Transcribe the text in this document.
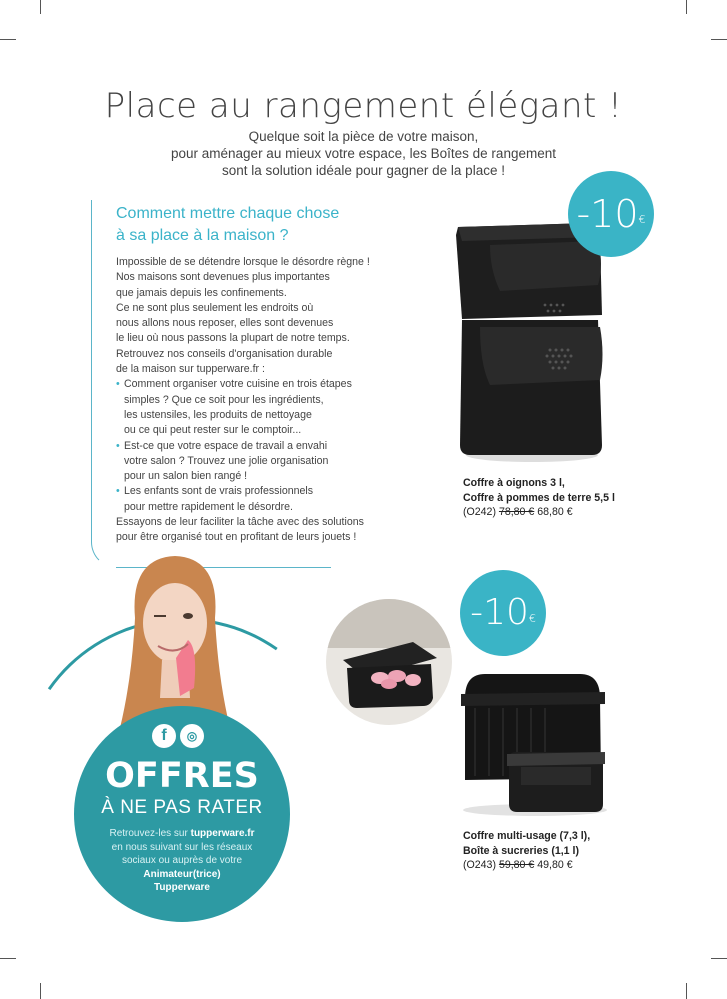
Place au rangement élégant !
Quelque soit la pièce de votre maison,
pour aménager au mieux votre espace, les Boîtes de rangement
sont la solution idéale pour gagner de la place !
Comment mettre chaque chose
à sa place à la maison ?
Impossible de se détendre lorsque le désordre règne !
Nos maisons sont devenues plus importantes
que jamais depuis les confinements.
Ce ne sont plus seulement les endroits où
nous allons nous reposer, elles sont devenues
le lieu où nous passons la plupart de notre temps.
Retrouvez nos conseils d'organisation durable
de la maison sur tupperware.fr :
• Comment organiser votre cuisine en trois étapes
simples ? Que ce soit pour les ingrédients,
les ustensiles, les produits de nettoyage
ou ce qui peut rester sur le comptoir...
• Est-ce que votre espace de travail a envahi
votre salon ? Trouvez une jolie organisation
pour un salon bien rangé !
• Les enfants sont de vrais professionnels
pour mettre rapidement le désordre.
Essayons de leur faciliter la tâche avec des solutions
pour être organisé tout en profitant de leurs jouets !
-10€
Coffre à oignons 3 l,
Coffre à pommes de terre 5,5 l
(O242) 78,80 € 68,80 €
-10€
Coffre multi-usage (7,3 l),
Boîte à sucreries (1,1 l)
(O243) 59,80 € 49,80 €
f	◎
OFFRES
À NE PAS RATER
Retrouvez-les sur tupperware.fr
en nous suivant sur les réseaux
sociaux ou auprès de votre
Animateur(trice)
Tupperware
